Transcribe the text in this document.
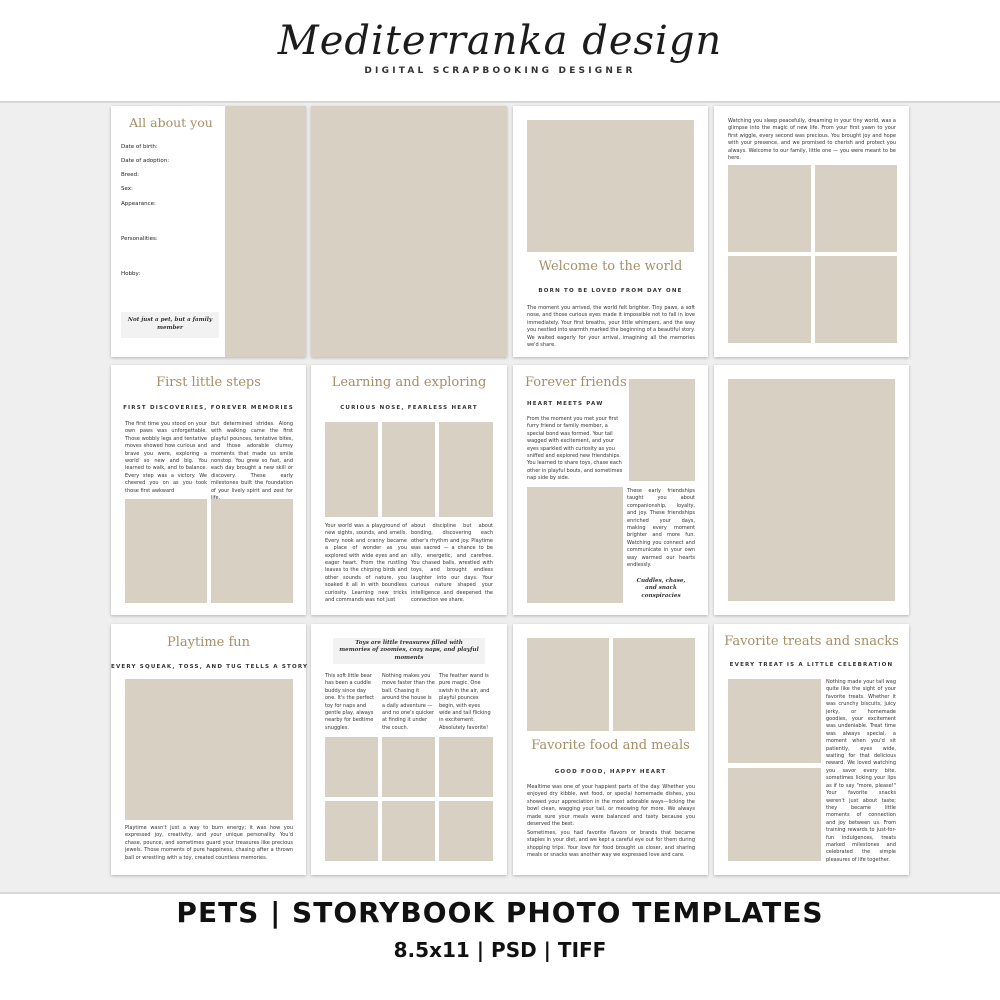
Mediterranka design
DIGITAL SCRAPBOOKING DESIGNER
All about you
Date of birth:
Date of adoption:
Breed:
Sex:
Appearance:
Personalities:
Hobby:
Not just a pet, but a family member
Welcome to the world
BORN TO BE LOVED FROM DAY ONE
The moment you arrived, the world felt brighter. Tiny paws, a soft nose, and those curious eyes made it impossible not to fall in love immediately. Your first breaths, your little whimpers, and the way you nestled into warmth marked the beginning of a beautiful story. We waited eagerly for your arrival, imagining all the memories we'd share.
Watching you sleep peacefully, dreaming in your tiny world, was a glimpse into the magic of new life. From your first yawn to your first wiggle, every second was precious. You brought joy and hope with your presence, and we promised to cherish and protect you always. Welcome to our family, little one — you were meant to be here.
First little steps
FIRST DISCOVERIES, FOREVER MEMORIES
The first time you stood on your own paws was unforgettable. Those wobbly legs and tentative moves showed how curious and brave you were, exploring a world so new and big. You learned to walk, and to balance. Every step was a victory. We cheered you on as you took those first awkward
but determined strides. Along with walking came the first playful pounces, tentative bites, and those adorable clumsy moments that made us smile nonstop. You grew so fast, and each day brought a new skill or discovery. These early milestones built the foundation of your lively spirit and zest for
Learning and exploring
CURIOUS NOSE, FEARLESS HEART
Your world was a playground of new sights, sounds, and smells. Every nook and cranny became a place of wonder as you explored with wide eyes and an eager heart. From the rustling leaves to the chirping birds and other sounds of nature, you soaked it all in with boundless curiosity. Learning new tricks and commands was not just
about discipline but about bonding, discovering each other's rhythm and joy. Playtime was sacred — a chance to be silly, energetic, and carefree. You chased balls, wrestled with toys, and brought endless laughter into our days. Your curious nature shaped your intelligence and deepened the connection we share.
Forever friends
HEART MEETS PAW
From the moment you met your first furry friend or family member, a special bond was formed. Your tail wagged with excitement, and your eyes sparkled with curiosity as you sniffed and explored new friendships. You learned to share toys, chase each other in playful bouts, and sometimes nap side by side.
These early friendships taught you about companionship, loyalty, and joy. These friendships enriched your days, making every moment brighter and more fun. Watching you connect and communicate in your own way warmed our hearts endlessly.
Cuddles, chase, and snack conspiracies
Playtime fun
EVERY SQUEAK, TOSS, AND TUG TELLS A STORY
Playtime wasn't just a way to burn energy; it was how you expressed joy, creativity, and your unique personality. You'd chase, pounce, and sometimes guard your treasures like precious jewels. Those moments of pure happiness, chasing after a thrown ball or wrestling with a toy, created countless memories.
Toys are little treasures filled with memories of zoomies, cozy naps, and playful moments
This soft little bear has been a cuddle buddy since day one. It's the perfect toy for naps and gentle play, always nearby for bedtime snuggles.
Nothing makes you move faster than the ball. Chasing it around the house is a daily adventure — and no one's quicker at finding it under the couch.
The feather wand is pure magic. One swish in the air, and playful pounces begin, with eyes wide and tail flicking in excitement. Absolutely favorite!
Favorite food and meals
GOOD FOOD, HAPPY HEART
Mealtime was one of your happiest parts of the day. Whether you enjoyed dry kibble, wet food, or special homemade dishes, you showed your appreciation in the most adorable ways—licking the bowl clean, wagging your tail, or meowing for more. We always made sure your meals were balanced and tasty because you deserved the best.
Sometimes, you had favorite flavors or brands that became staples in your diet, and we kept a careful eye out for them during shopping trips. Your love for food brought us closer, and sharing meals or snacks was another way we expressed love and care.
Favorite treats and snacks
EVERY TREAT IS A LITTLE CELEBRATION
Nothing made your tail wag quite like the sight of your favorite treats. Whether it was crunchy biscuits, juicy jerky, or homemade goodies, your excitement was undeniable. Treat time was always special, a moment when you'd sit patiently, eyes wide, waiting for that delicious reward. We loved watching you savor every bite, sometimes licking your lips as if to say "more, please!" Your favorite snacks weren't just about taste; they became little moments of connection and joy between us. From training rewards to just-for-fun indulgences, treats marked milestones and celebrated the simple pleasures of life together.
PETS | STORYBOOK PHOTO TEMPLATES
8.5x11 | PSD | TIFF
